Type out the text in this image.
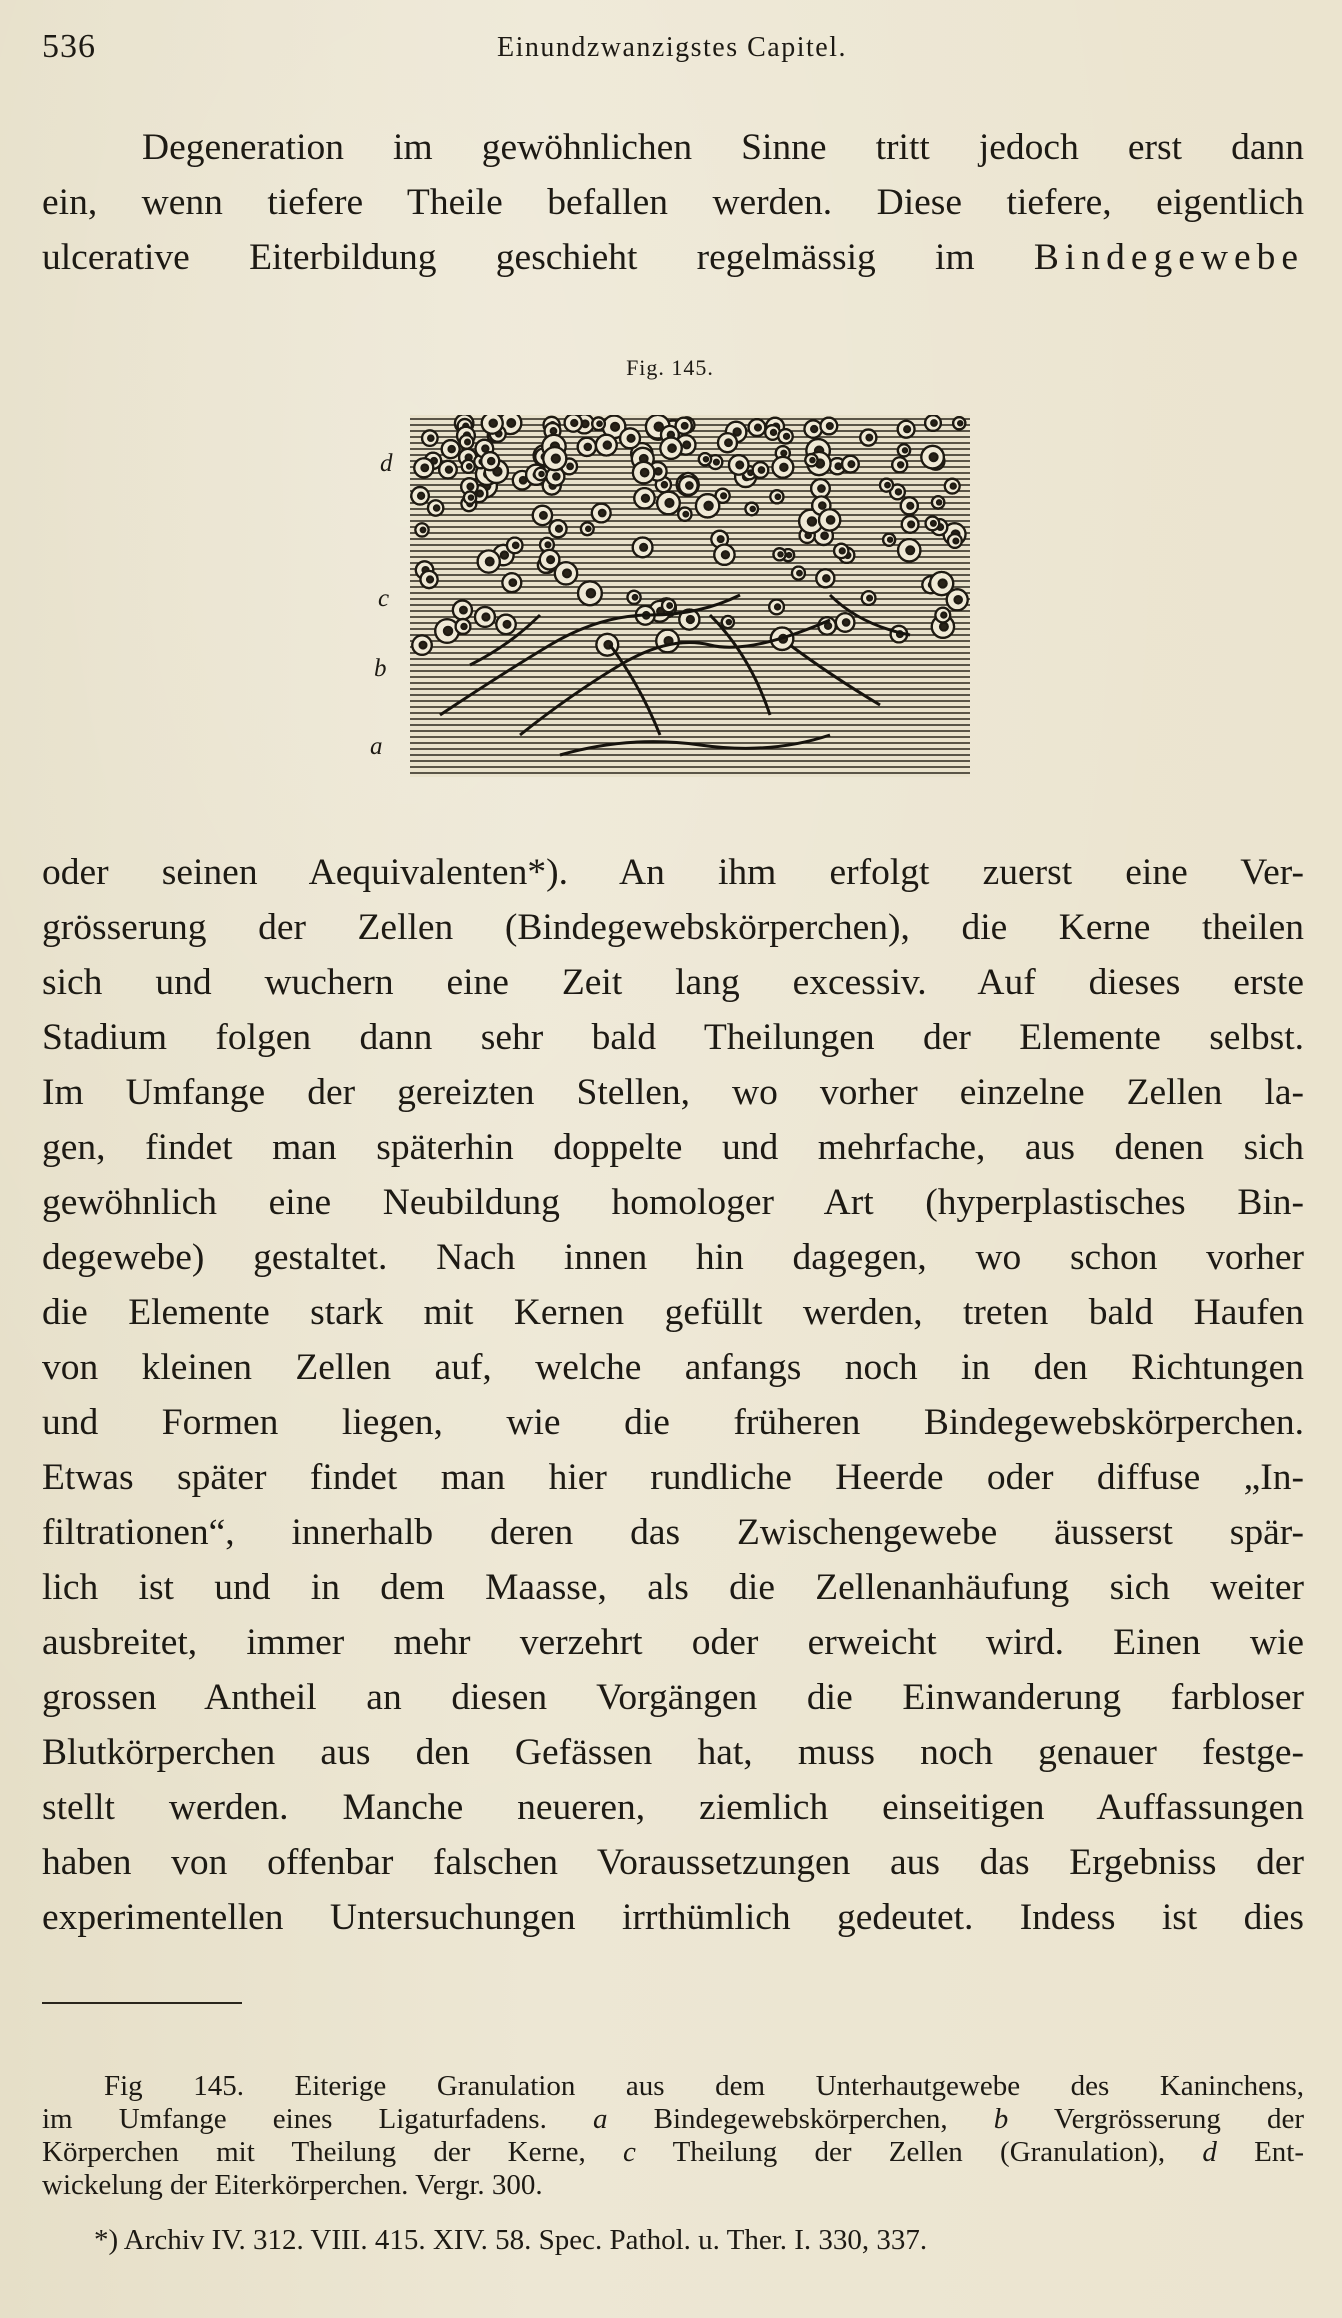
536	Einundzwanzigstes Capitel.
Degeneration im gewöhnlichen Sinne tritt jedoch erst dann
ein, wenn tiefere Theile befallen werden. Diese tiefere, eigentlich
ulcerative Eiterbildung geschieht regelmässig im Bindegewebe
Fig. 145.
d
c
b
a
oder seinen Aequivalenten*). An ihm erfolgt zuerst eine Ver-
grösserung der Zellen (Bindegewebskörperchen), die Kerne theilen
sich und wuchern eine Zeit lang excessiv. Auf dieses erste
Stadium folgen dann sehr bald Theilungen der Elemente selbst.
Im Umfange der gereizten Stellen, wo vorher einzelne Zellen la-
gen, findet man späterhin doppelte und mehrfache, aus denen sich
gewöhnlich eine Neubildung homologer Art (hyperplastisches Bin-
degewebe) gestaltet. Nach innen hin dagegen, wo schon vorher
die Elemente stark mit Kernen gefüllt werden, treten bald Haufen
von kleinen Zellen auf, welche anfangs noch in den Richtungen
und Formen liegen, wie die früheren Bindegewebskörperchen.
Etwas später findet man hier rundliche Heerde oder diffuse „In-
filtrationen“, innerhalb deren das Zwischengewebe äusserst spär-
lich ist und in dem Maasse, als die Zellenanhäufung sich weiter
ausbreitet, immer mehr verzehrt oder erweicht wird. Einen wie
grossen Antheil an diesen Vorgängen die Einwanderung farbloser
Blutkörperchen aus den Gefässen hat, muss noch genauer festge-
stellt werden. Manche neueren, ziemlich einseitigen Auffassungen
haben von offenbar falschen Voraussetzungen aus das Ergebniss der
experimentellen Untersuchungen irrthümlich gedeutet. Indess ist dies
Fig 145. Eiterige Granulation aus dem Unterhautgewebe des Kaninchens,
im Umfange eines Ligaturfadens. a Bindegewebskörperchen, b Vergrösserung der
Körperchen mit Theilung der Kerne, c Theilung der Zellen (Granulation), d Ent-
wickelung der Eiterkörperchen. Vergr. 300.
*) Archiv IV. 312. VIII. 415. XIV. 58. Spec. Pathol. u. Ther. I. 330, 337.
